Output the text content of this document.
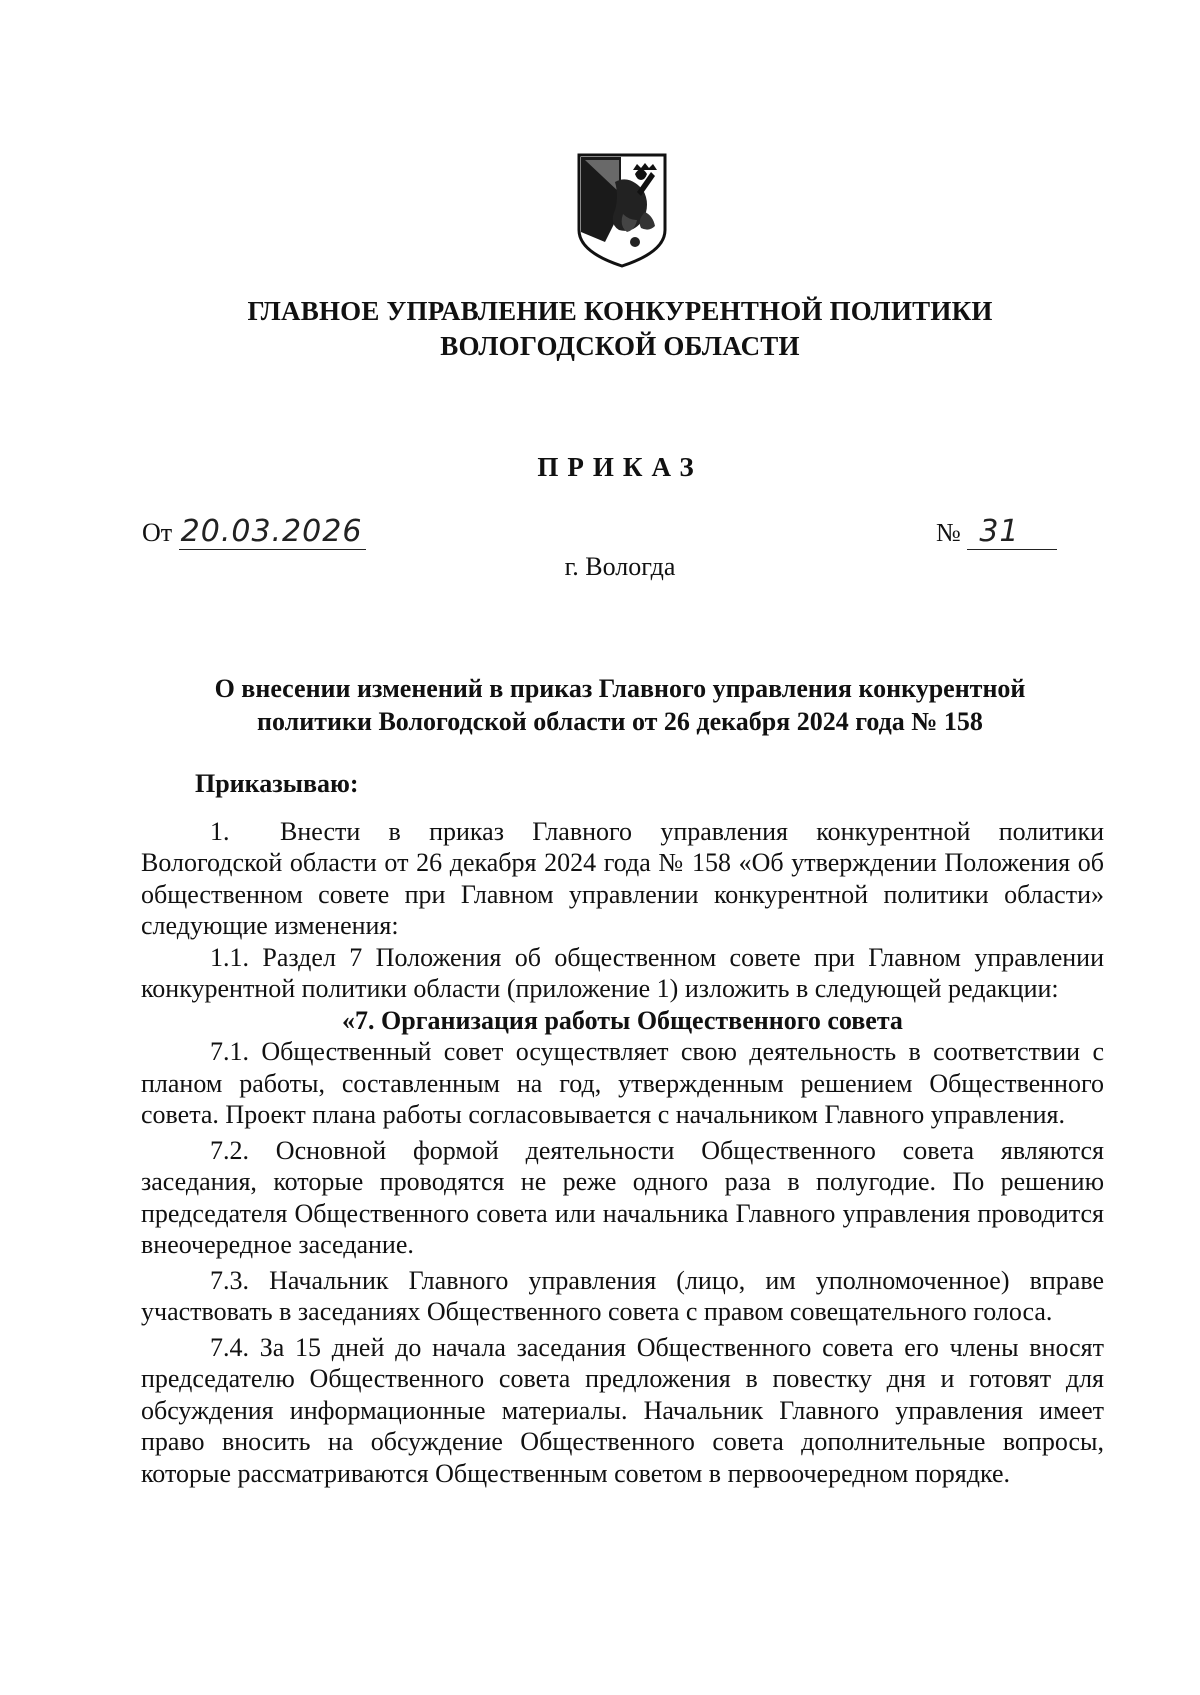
ГЛАВНОЕ УПРАВЛЕНИЕ КОНКУРЕНТНОЙ ПОЛИТИКИ
ВОЛОГОДСКОЙ ОБЛАСТИ
ПРИКАЗ
От 20.03.2026	№ 31
г. Вологда
О внесении изменений в приказ Главного управления конкурентной
политики Вологодской области от 26 декабря 2024 года № 158

Приказываю:

1. Внести в приказ Главного управления конкурентной политики Вологодской области от 26 декабря 2024 года № 158 «Об утверждении Положения об общественном совете при Главном управлении конкурентной политики области» следующие изменения:

1.1. Раздел 7 Положения об общественном совете при Главном управлении конкурентной политики области (приложение 1) изложить в следующей редакции:

«7. Организация работы Общественного совета

7.1. Общественный совет осуществляет свою деятельность в соответствии с планом работы, составленным на год, утвержденным решением Общественного совета. Проект плана работы согласовывается с начальником Главного управления.

7.2. Основной формой деятельности Общественного совета являются заседания, которые проводятся не реже одного раза в полугодие. По решению председателя Общественного совета или начальника Главного управления проводится внеочередное заседание.

7.3. Начальник Главного управления (лицо, им уполномоченное) вправе участвовать в заседаниях Общественного совета с правом совещательного голоса.

7.4. За 15 дней до начала заседания Общественного совета его члены вносят председателю Общественного совета предложения в повестку дня и готовят для обсуждения информационные материалы. Начальник Главного управления имеет право вносить на обсуждение Общественного совета дополнительные вопросы, которые рассматриваются Общественным советом в первоочередном порядке.
